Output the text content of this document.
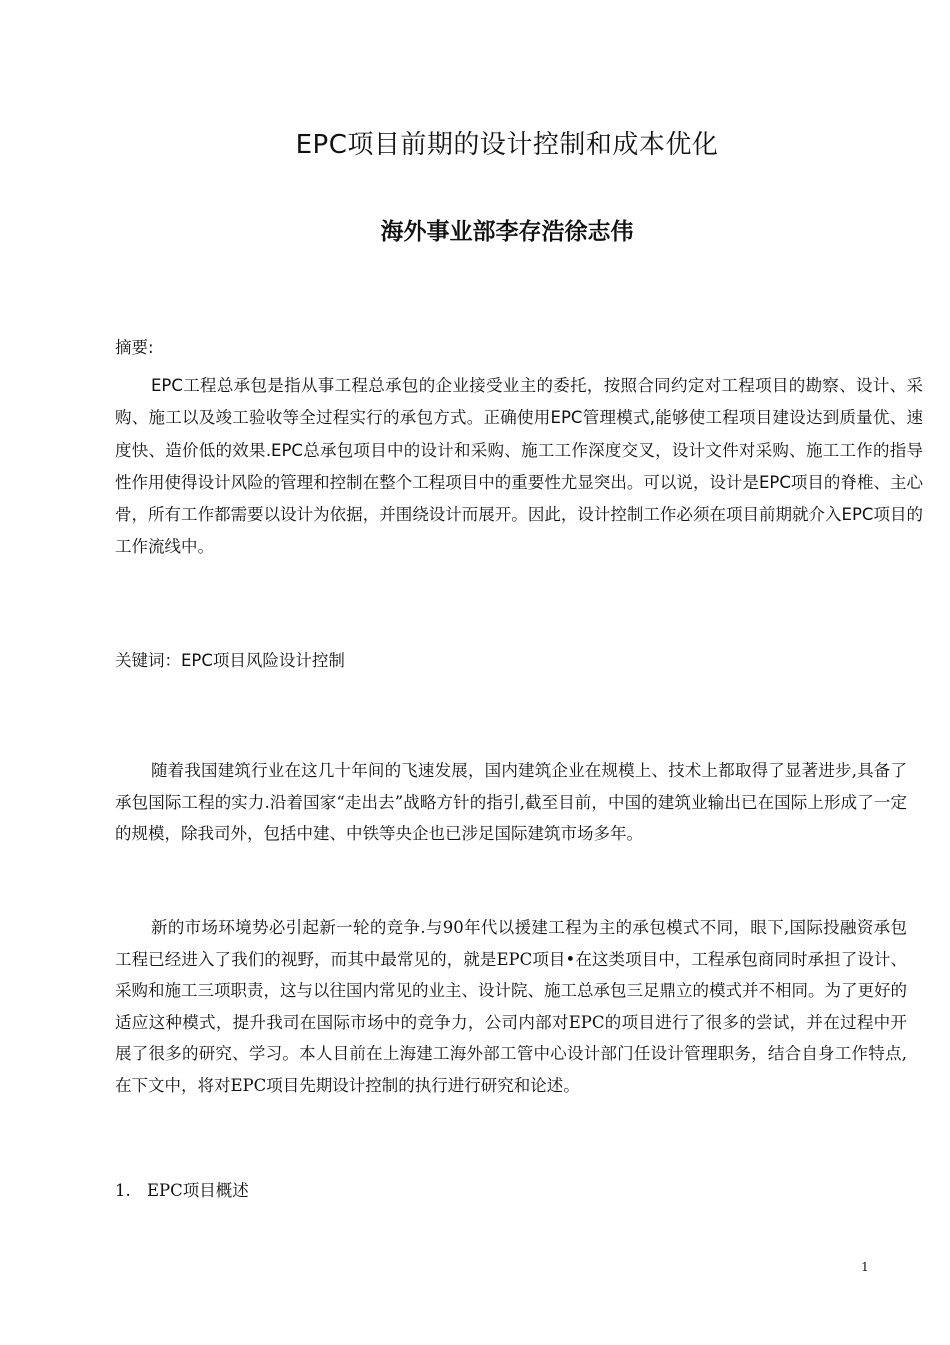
EPC项目前期的设计控制和成本优化
海外事业部李存浩徐志伟
摘要:
EPC工程总承包是指从事工程总承包的企业接受业主的委托，按照合同约定对工程项目的勘察、设计、采购、施工以及竣工验收等全过程实行的承包方式。正确使用EPC管理模式,能够使工程项目建设达到质量优、速度快、造价低的效果.EPC总承包项目中的设计和采购、施工工作深度交叉，设计文件对采购、施工工作的指导性作用使得设计风险的管理和控制在整个工程项目中的重要性尤显突出。可以说，设计是EPC项目的脊椎、主心骨，所有工作都需要以设计为依据，并围绕设计而展开。因此，设计控制工作必须在项目前期就介入EPC项目的工作流线中。
关键词：EPC项目风险设计控制
随着我国建筑行业在这几十年间的飞速发展，国内建筑企业在规模上、技术上都取得了显著进步,具备了承包国际工程的实力.沿着国家“走出去”战略方针的指引,截至目前，中国的建筑业输出已在国际上形成了一定的规模，除我司外，包括中建、中铁等央企也已涉足国际建筑市场多年。
新的市场环境势必引起新一轮的竞争.与90年代以援建工程为主的承包模式不同，眼下,国际投融资承包工程已经进入了我们的视野，而其中最常见的，就是EPC项目•在这类项目中，工程承包商同时承担了设计、采购和施工三项职责，这与以往国内常见的业主、设计院、施工总承包三足鼎立的模式并不相同。为了更好的适应这种模式，提升我司在国际市场中的竞争力，公司内部对EPC的项目进行了很多的尝试，并在过程中开展了很多的研究、学习。本人目前在上海建工海外部工管中心设计部门任设计管理职务，结合自身工作特点,在下文中，将对EPC项目先期设计控制的执行进行研究和论述。
1. EPC项目概述
1
